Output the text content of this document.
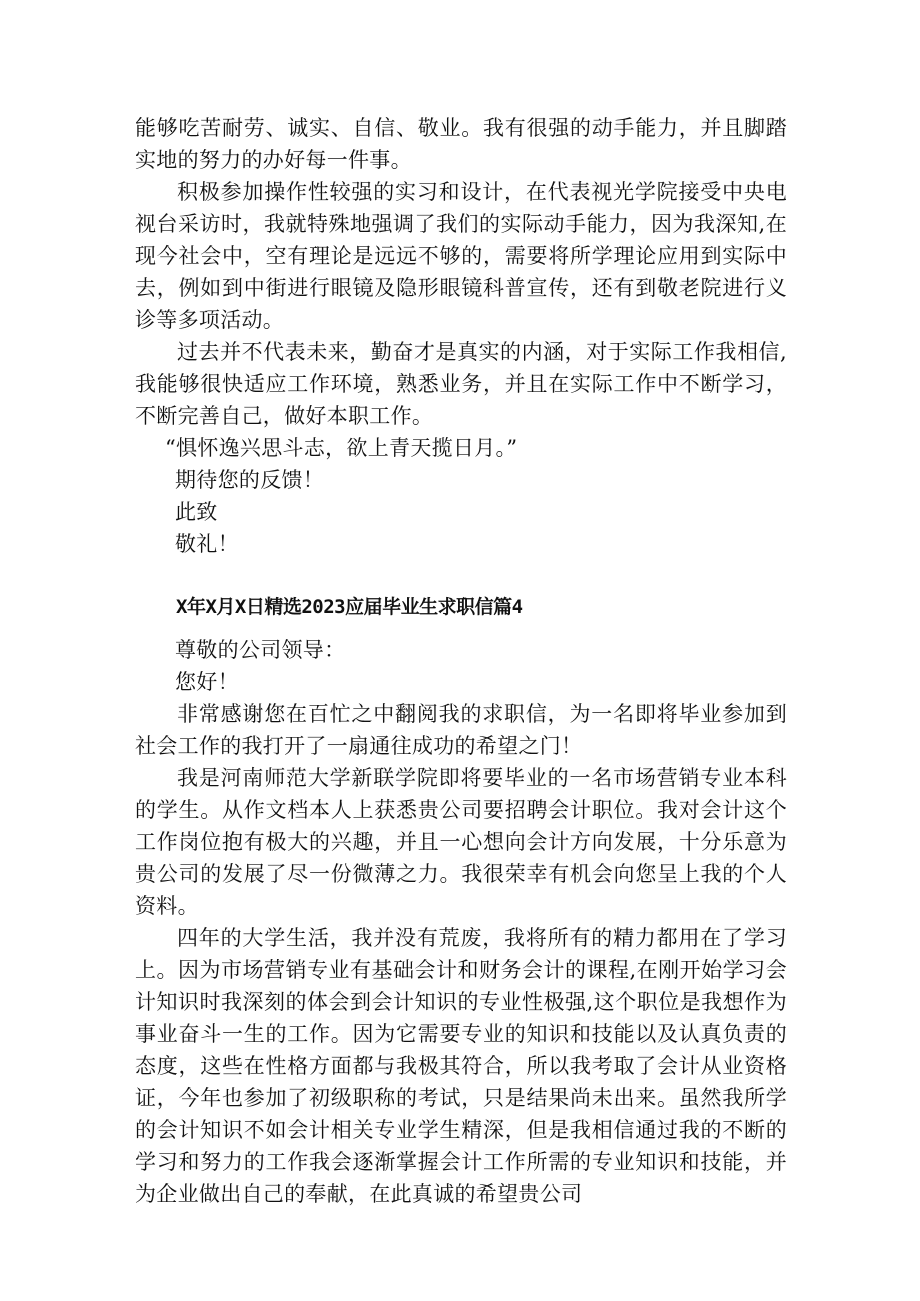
能够吃苦耐劳、诚实、自信、敬业。我有很强的动手能力，并且脚踏实地的努力的办好每一件事。

积极参加操作性较强的实习和设计，在代表视光学院接受中央电视台采访时，我就特殊地强调了我们的实际动手能力，因为我深知,在现今社会中，空有理论是远远不够的，需要将所学理论应用到实际中去，例如到中街进行眼镜及隐形眼镜科普宣传，还有到敬老院进行义诊等多项活动。

过去并不代表未来，勤奋才是真实的内涵，对于实际工作我相信,我能够很快适应工作环境，熟悉业务，并且在实际工作中不断学习，不断完善自己，做好本职工作。

“惧怀逸兴思斗志，欲上青天揽日月。”

期待您的反馈！

此致

敬礼！

X年X月X日精选2023应届毕业生求职信篇4

尊敬的公司领导：

您好！

非常感谢您在百忙之中翻阅我的求职信，为一名即将毕业参加到社会工作的我打开了一扇通往成功的希望之门！

我是河南师范大学新联学院即将要毕业的一名市场营销专业本科的学生。从作文档本人上获悉贵公司要招聘会计职位。我对会计这个工作岗位抱有极大的兴趣，并且一心想向会计方向发展，十分乐意为贵公司的发展了尽一份微薄之力。我很荣幸有机会向您呈上我的个人资料。

四年的大学生活，我并没有荒废，我将所有的精力都用在了学习上。因为市场营销专业有基础会计和财务会计的课程,在刚开始学习会计知识时我深刻的体会到会计知识的专业性极强,这个职位是我想作为事业奋斗一生的工作。因为它需要专业的知识和技能以及认真负责的态度，这些在性格方面都与我极其符合，所以我考取了会计从业资格证，今年也参加了初级职称的考试，只是结果尚未出来。虽然我所学的会计知识不如会计相关专业学生精深，但是我相信通过我的不断的学习和努力的工作我会逐渐掌握会计工作所需的专业知识和技能，并为企业做出自己的奉献，在此真诚的希望贵公司
